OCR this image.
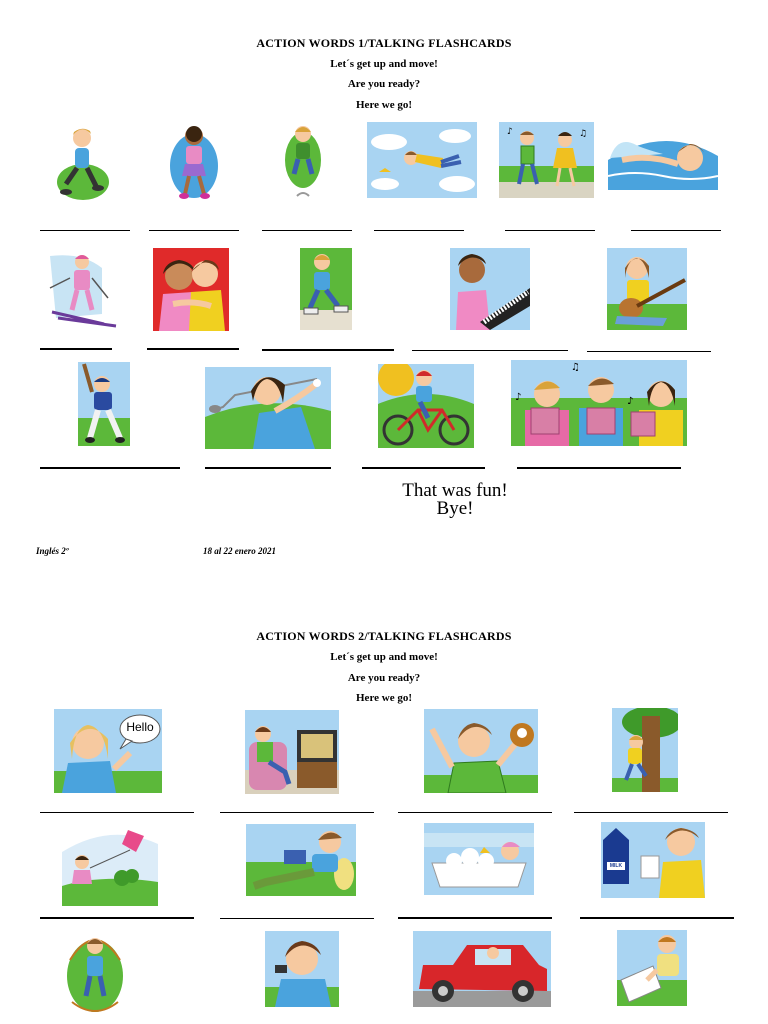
ACTION WORDS 1/TALKING FLASHCARDS
Let´s get up and move!
Are you ready?
Here we go!
♪	♫
♪
♫
♪
That was fun!
Bye!
Inglés 2º	18 al 22 enero 2021
ACTION WORDS 2/TALKING FLASHCARDS
Let´s get up and move!
Are you ready?
Here we go!
Hello
MILK
